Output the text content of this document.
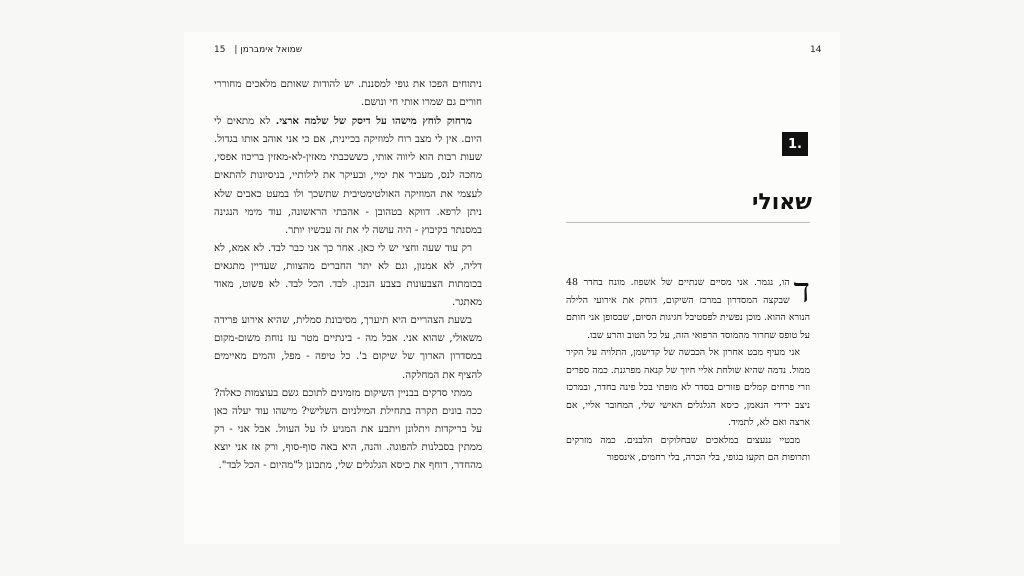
שמואל אימברמן | 15

ניתוחים הפכו את גופי למסננת. יש להודות שאותם מלאכים מחוררי חורים גם שמרו אותי חי ונושם.

מרחוק לוחץ מישהו על דיסק של שלמה ארצי. לא מתאים לי היום. אין לי מצב רוח למוזיקה בכיינית, אם כי אני אוהב אותו בגדול. שעות רבות הוא ליווה אותי, כששכבתי מאזין-לא-מאזין בריכוז אפסי, מחכה לנס, מעביר את ימיי, ובעיקר את לילותיי, בניסיונות להתאים לעצמי את המוזיקה האולטימטיבית שתשכך ולו במעט כאבים שלא ניתן לרפא. דווקא בטהובן - אהבתי הראשונה, עוד מימי הנגינה במסנתר בקיבוץ - היה עושה לי את זה עכשיו יותר.

רק עוד שעה וחצי יש לי כאן. אחר כך אני כבר לבד. לא אמא, לא דליה, לא אמנון, וגם לא יתר החברים מהצוות, שעדיין מתגאים בכומתות הצבעונות בצבע הנכון. לבד. הכל לבד. לא פשוט, מאוד מאתגר.

בשעת הצהריים היא תיערך, מסיבונת סמלית, שהיא אירוע פרידה משאולי, שהוא אני. אבל מה - בינתיים מטר עז נוחת משום-מקום במסדרון הארוך של שיקום ב'. כל טיפה - מפל, והמים מאיימים להציף את המחלקה.

ממתי סדקים בבניין השיקום מזמינים לתוכם גשם בעוצמות כאלה? ככה בונים תקרה בתחילת המילניום השלישי? מישהו עוד יעלה כאן על בריקדות ויתלונן ויתבע את המגיע לו על העוול. אבל אני - רק ממתין בסבלנות להפוגה. והנה, היא באה סוף-סוף, ורק אז אני יוצא מהחדר, דוחף את כיסא הגלגלים שלי, מתכונן ל"מהיום - הכל לבד".

14
1.
שאולי

ד
הו, נגמר. אני מסיים שנתיים של אשפוז. מונח בחדר 48 שבקצה המסדרון במרכז השיקום, דוחק את אירועי הלילה הנורא ההוא. מוכן נפשית לפסטיבל חגיגות הסיום, שבסופן אני חותם על טופס שחרור מהמוסד הרפואי הזה, על כל הטוב והרע שבו.

אני מעיף מבט אחרון אל הכבשה של קדישמן, התלויה על הקיר ממול. נדמה שהיא שולחת אליי חיוך של קנאה מפרגנת. כמה ספרים וזרי פרחים קמלים פזורים בסדר לא מופתי בכל פינה בחדר, ובמרכז ניצב ידידי הנאמן, כיסא הגלגלים האישי שלי, המחובר אליי, אם ארצה ואם לא, לתמיד.

מבטיי ננעצים במלאכים שבחלוקים הלבנים. כמה מזרקים ותרופות הם תקעו בגופי, בלי הכרה, בלי רחמים, אינספור
